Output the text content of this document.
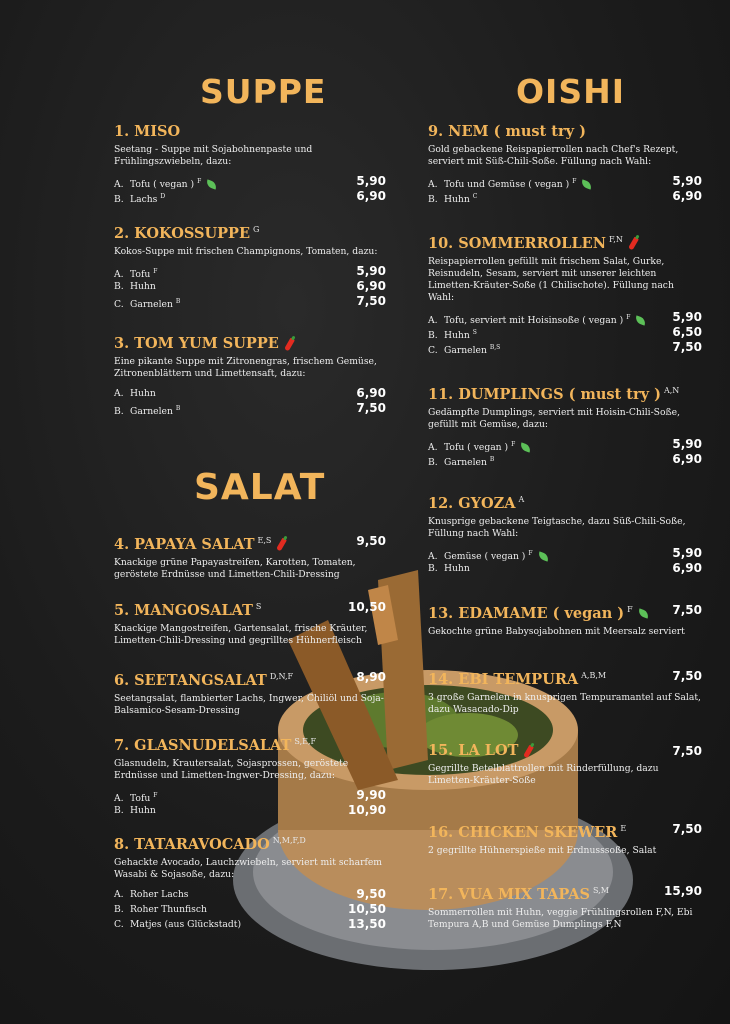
SUPPE
1. MISO
Seetang - Suppe mit Sojabohnenpaste und Frühlingszwiebeln, dazu:
A. Tofu ( vegan ) $^F$	5,90
B. Lachs $^D$	6,90
2. KOKOSSUPPE $^G$
Kokos-Suppe mit frischen Champignons, Tomaten, dazu:
A. Tofu $^F$	5,90
B. Huhn	6,90
C. Garnelen $^B$	7,50
3. TOM YUM SUPPE
Eine pikante Suppe mit Zitronengras, frischem Gemüse, Zitronenblättern und Limettensaft, dazu:
A. Huhn	6,90
B. Garnelen $^B$	7,50
SALAT
4. PAPAYA SALAT $^{E,S}$	9,50
Knackige grüne Papayastreifen, Karotten, Tomaten, geröstete Erdnüsse und Limetten-Chili-Dressing
5. MANGOSALAT $^S$	10,50
Knackige Mangostreifen, Gartensalat, frische Kräuter, Limetten-Chili-Dressing und gegrilltes Hühnerfleisch
6. SEETANGSALAT $^{D,N,F}$	8,90
Seetangsalat, flambierter Lachs, Ingwer, Chiliöl und Soja-Balsamico-Sesam-Dressing
7. GLASNUDELSALAT $^{S,E,F}$
Glasnudeln, Krautersalat, Sojasprossen, geröstete Erdnüsse und Limetten-Ingwer-Dressing, dazu:
A. Tofu $^F$	9,90
B. Huhn	10,90
8. TATARAVOCADO $^{N,M,F,D}$
Gehackte Avocado, Lauchzwiebeln, serviert mit scharfem Wasabi & Sojasoße, dazu:
A. Roher Lachs	9,50
B. Roher Thunfisch	10,50
C. Matjes (aus Glückstadt)	13,50
OISHI
9. NEM ( must try )
Gold gebackene Reispapierrollen nach Chef's Rezept, serviert mit Süß-Chili-Soße. Füllung nach Wahl:
A. Tofu und Gemüse ( vegan ) $^F$	5,90
B. Huhn $^C$	6,90
10. SOMMERROLLEN $^{F,N}$
Reispapierrollen gefüllt mit frischem Salat, Gurke, Reisnudeln, Sesam, serviert mit unserer leichten Limetten-Kräuter-Soße (1 Chilischote). Füllung nach Wahl:
A. Tofu, serviert mit Hoisinsoße ( vegan ) $^F$	5,90
B. Huhn $^S$	6,50
C. Garnelen $^{B,S}$	7,50
11. DUMPLINGS ( must try ) $^{A,N}$
Gedämpfte Dumplings, serviert mit Hoisin-Chili-Soße, gefüllt mit Gemüse, dazu:
A. Tofu ( vegan ) $^F$	5,90
B. Garnelen $^B$	6,90
12. GYOZA $^A$
Knusprige gebackene Teigtasche, dazu Süß-Chili-Soße, Füllung nach Wahl:
A. Gemüse ( vegan ) $^F$	5,90
B. Huhn	6,90
13. EDAMAME ( vegan ) $^F$	7,50
Gekochte grüne Babysojabohnen mit Meersalz serviert
14. EBI TEMPURA $^{A,B,M}$	7,50
3 große Garnelen in knusprigen Tempuramantel auf Salat, dazu Wasacado-Dip
15. LA LOT	7,50
Gegrillte Betelblattrollen mit Rinderfüllung, dazu Limetten-Kräuter-Soße
16. CHICKEN SKEWER $^E$	7,50
2 gegrillte Hühnerspieße mit Erdnusssoße, Salat
17. VUA MIX TAPAS $^{S,M}$	15,90
Sommerrollen mit Huhn, veggie Frühlingsrollen F,N, Ebi Tempura A,B und Gemüse Dumplings F,N
